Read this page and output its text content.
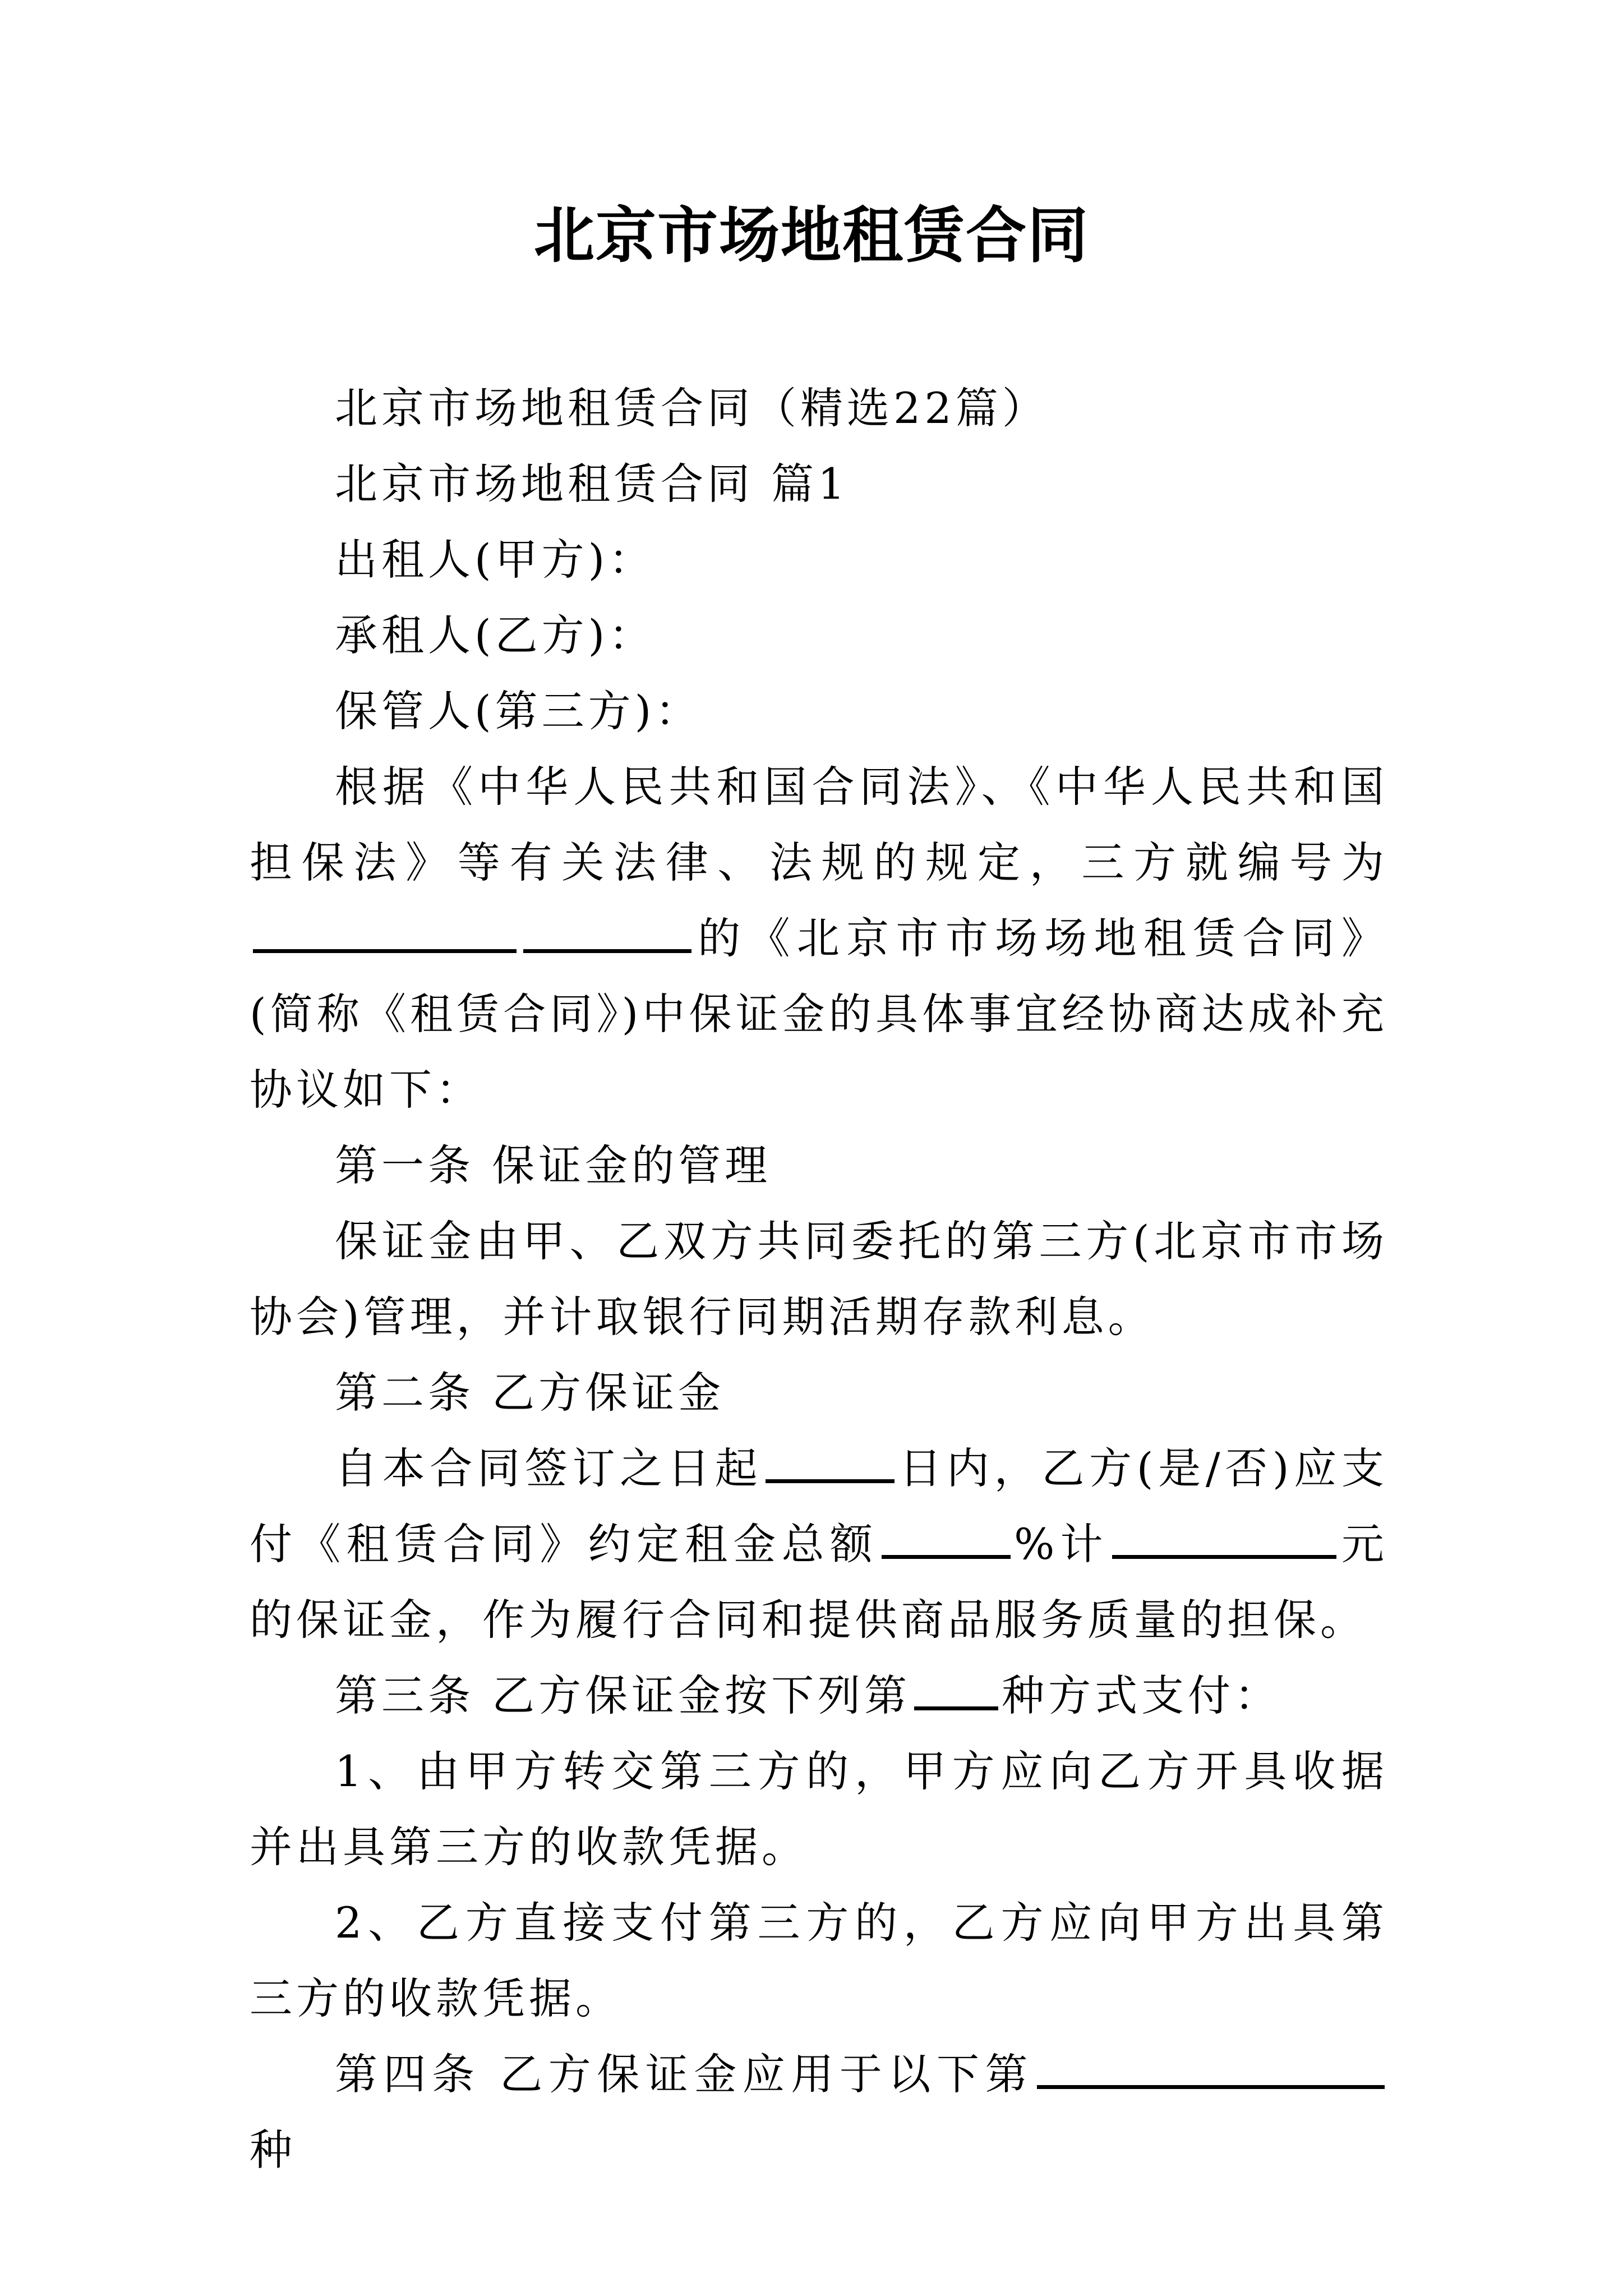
北京市场地租赁合同

北京市场地租赁合同（精选22篇）

北京市场地租赁合同 篇1

出租人(甲方)：

承租人(乙方)：

保管人(第三方)：

根据《中华人民共和国合同法》、《中华人民共和国担保法》等有关法律、法规的规定，三方就编号为的《北京市市场场地租赁合同》(简称《租赁合同》)中保证金的具体事宜经协商达成补充协议如下：

第一条 保证金的管理

保证金由甲、乙双方共同委托的第三方(北京市市场协会)管理，并计取银行同期活期存款利息。

第二条 乙方保证金

自本合同签订之日起	日内，乙方(是/否)应支付《租赁合同》约定租金总额	%计	元的保证金，作为履行合同和提供商品服务质量的担保。

第三条 乙方保证金按下列第 种方式支付：

1、由甲方转交第三方的，甲方应向乙方开具收据并出具第三方的收款凭据。

2、乙方直接支付第三方的，乙方应向甲方出具第三方的收款凭据。

第四条 乙方保证金应用于以下第种
